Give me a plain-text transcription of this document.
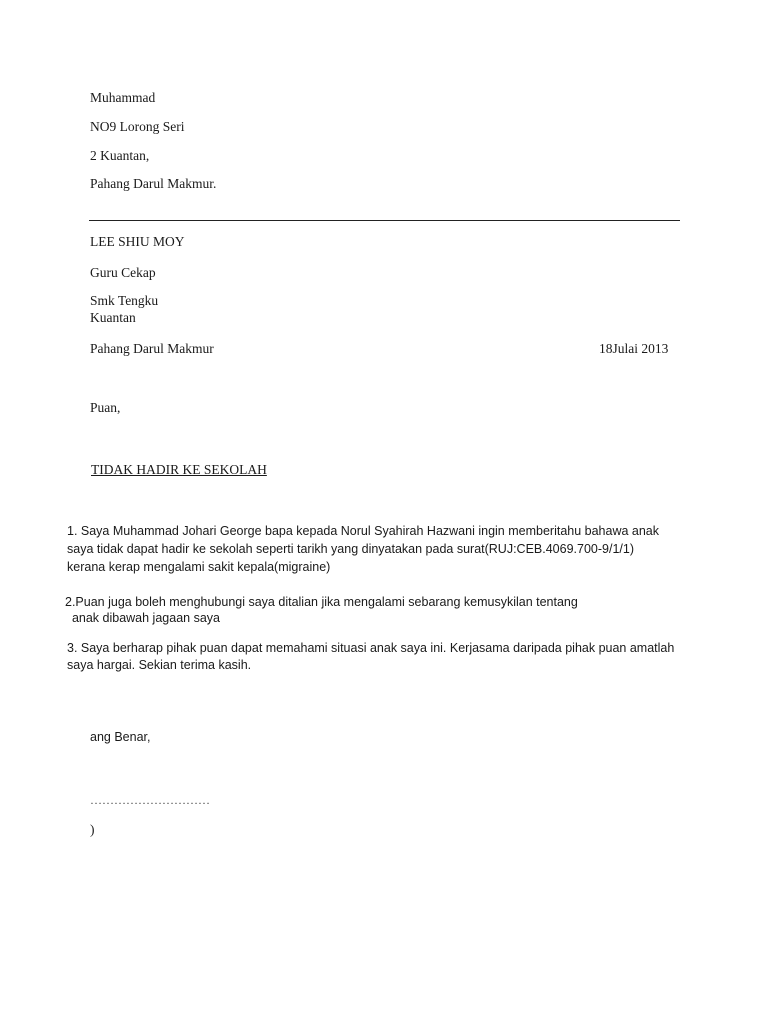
Muhammad
NO9 Lorong Seri
2 Kuantan,
Pahang Darul Makmur.
LEE SHIU MOY
Guru Cekap
Smk Tengku
Kuantan
Pahang Darul Makmur	18Julai 2013
Puan,
TIDAK HADIR KE SEKOLAH
1. Saya Muhammad Johari George bapa kepada Norul Syahirah Hazwani ingin memberitahu bahawa anak
saya tidak dapat hadir ke sekolah seperti tarikh yang dinyatakan pada surat(RUJ:CEB.4069.700-9/1/1)
kerana kerap mengalami sakit kepala(migraine)
2.Puan juga boleh menghubungi saya ditalian jika mengalami sebarang kemusykilan tentang
anak dibawah jagaan saya
3. Saya berharap pihak puan dapat memahami situasi anak saya ini. Kerjasama daripada pihak puan amatlah
saya hargai. Sekian terima kasih.
ang Benar,
…………………………
)
